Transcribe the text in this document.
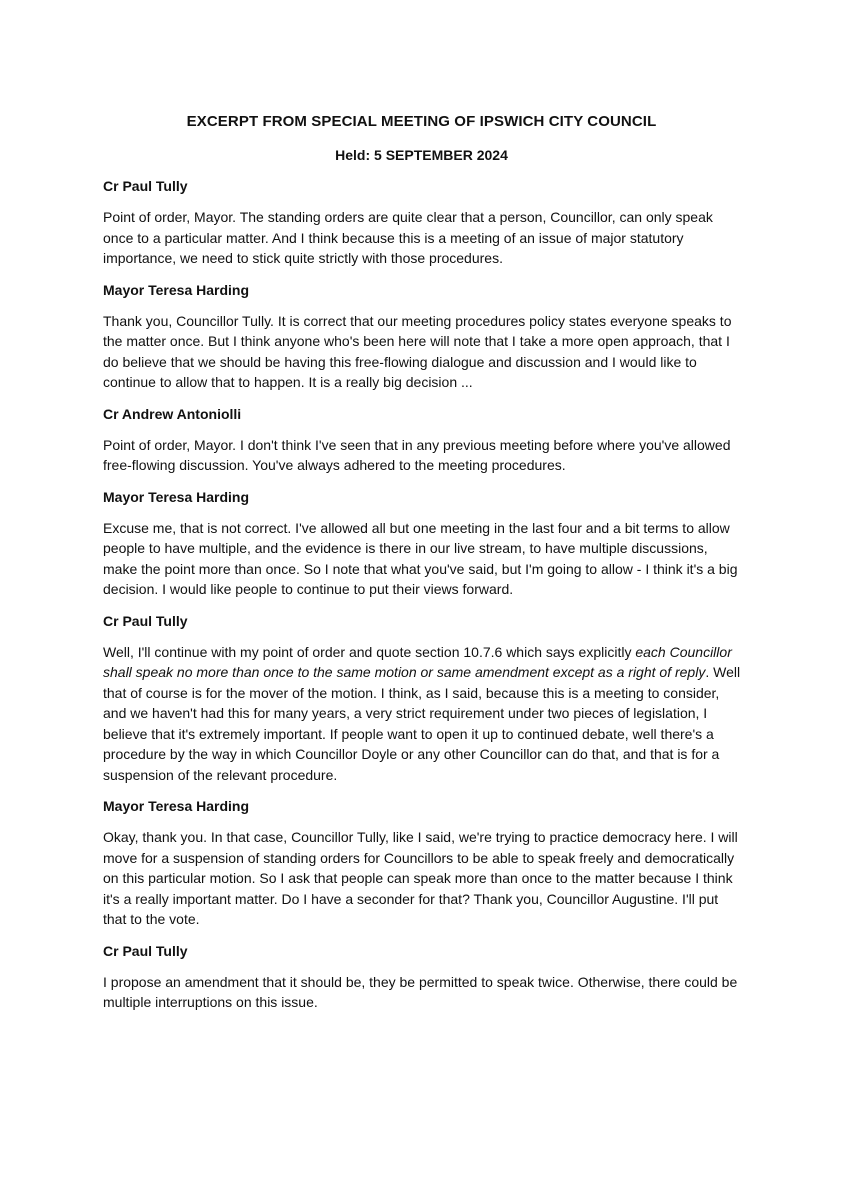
EXCERPT FROM SPECIAL MEETING OF IPSWICH CITY COUNCIL
Held: 5 SEPTEMBER 2024

Cr Paul Tully

Point of order, Mayor. The standing orders are quite clear that a person, Councillor, can only speak once to a particular matter. And I think because this is a meeting of an issue of major statutory importance, we need to stick quite strictly with those procedures.

Mayor Teresa Harding

Thank you, Councillor Tully. It is correct that our meeting procedures policy states everyone speaks to the matter once. But I think anyone who's been here will note that I take a more open approach, that I do believe that we should be having this free-flowing dialogue and discussion and I would like to continue to allow that to happen. It is a really big decision ...

Cr Andrew Antoniolli

Point of order, Mayor. I don't think I've seen that in any previous meeting before where you've allowed free-flowing discussion. You've always adhered to the meeting procedures.

Mayor Teresa Harding

Excuse me, that is not correct. I've allowed all but one meeting in the last four and a bit terms to allow people to have multiple, and the evidence is there in our live stream, to have multiple discussions, make the point more than once. So I note that what you've said, but I'm going to allow - I think it's a big decision. I would like people to continue to put their views forward.

Cr Paul Tully

Well, I'll continue with my point of order and quote section 10.7.6 which says explicitly each Councillor shall speak no more than once to the same motion or same amendment except as a right of reply. Well that of course is for the mover of the motion. I think, as I said, because this is a meeting to consider, and we haven't had this for many years, a very strict requirement under two pieces of legislation, I believe that it's extremely important. If people want to open it up to continued debate, well there's a procedure by the way in which Councillor Doyle or any other Councillor can do that, and that is for a suspension of the relevant procedure.

Mayor Teresa Harding

Okay, thank you. In that case, Councillor Tully, like I said, we're trying to practice democracy here. I will move for a suspension of standing orders for Councillors to be able to speak freely and democratically on this particular motion. So I ask that people can speak more than once to the matter because I think it's a really important matter. Do I have a seconder for that? Thank you, Councillor Augustine. I'll put that to the vote.

Cr Paul Tully

I propose an amendment that it should be, they be permitted to speak twice. Otherwise, there could be multiple interruptions on this issue.
